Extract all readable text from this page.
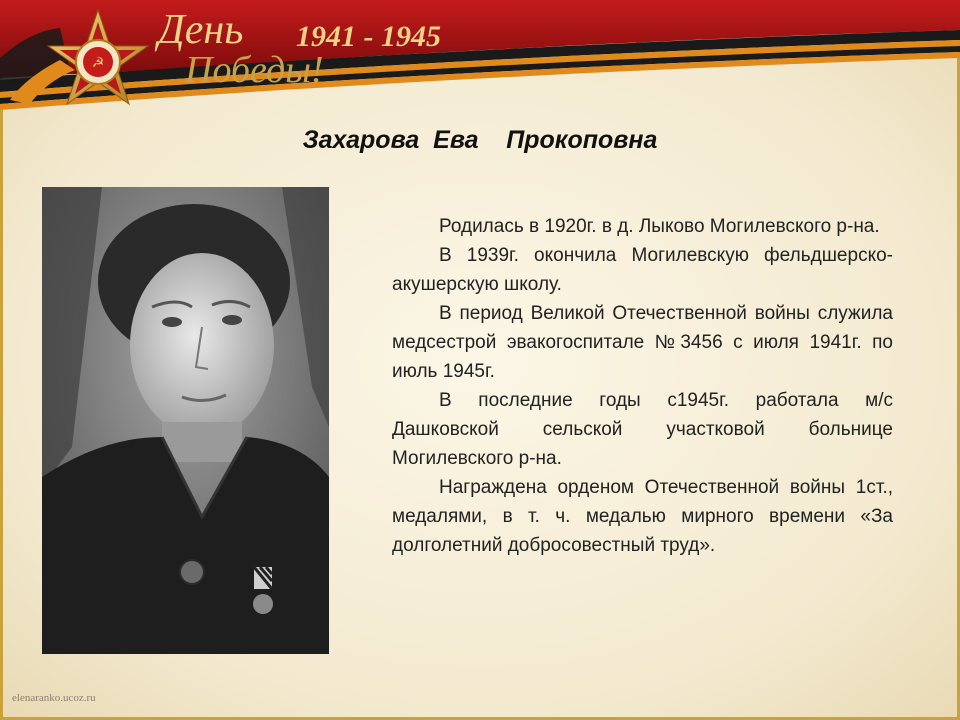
☭
День
Победы!
1941 - 1945
Захарова  Ева    Прокоповна

Родилась в 1920г. в д. Лыково Могилевского р-на.

В 1939г. окончила Могилевскую фельдшерско- акушерскую школу.

В период Великой Отечественной войны служила медсестрой эвакогоспитале №3456 с июля 1941г. по июль 1945г.

В последние годы с1945г. работала м/с Дашковской сельской участковой больнице Могилевского р-на.

Награждена орденом Отечественной войны 1ст., медалями, в т. ч. медалью мирного времени «За долголетний добросовестный труд».

elenaranko.ucoz.ru
